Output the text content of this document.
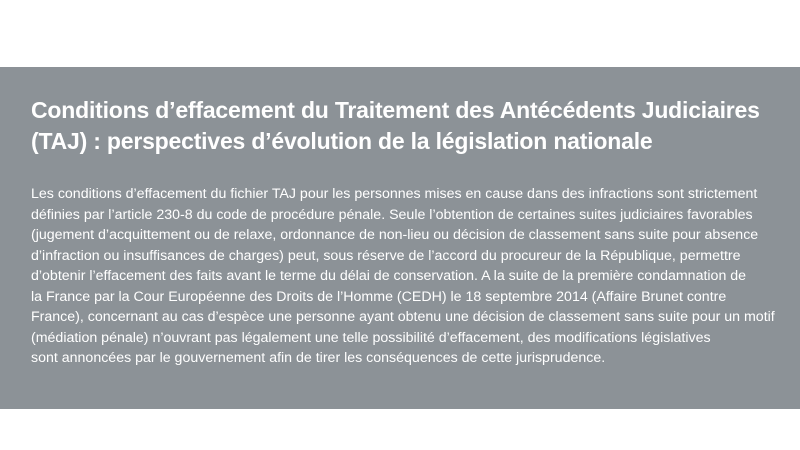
Conditions d’effacement du Traitement des Antécédents Judiciaires
(TAJ) : perspectives d’évolution de la législation nationale

Les conditions d’effacement du fichier TAJ pour les personnes mises en cause dans des infractions sont strictement
définies par l’article 230-8 du code de procédure pénale. Seule l’obtention de certaines suites judiciaires favorables
(jugement d’acquittement ou de relaxe, ordonnance de non-lieu ou décision de classement sans suite pour absence
d’infraction ou insuffisances de charges) peut, sous réserve de l’accord du procureur de la République, permettre
d’obtenir l’effacement des faits avant le terme du délai de conservation. A la suite de la première condamnation de
la France par la Cour Européenne des Droits de l’Homme (CEDH) le 18 septembre 2014 (Affaire Brunet contre
France), concernant au cas d’espèce une personne ayant obtenu une décision de classement sans suite pour un motif
(médiation pénale) n’ouvrant pas légalement une telle possibilité d’effacement, des modifications législatives
sont annoncées par le gouvernement afin de tirer les conséquences de cette jurisprudence.
